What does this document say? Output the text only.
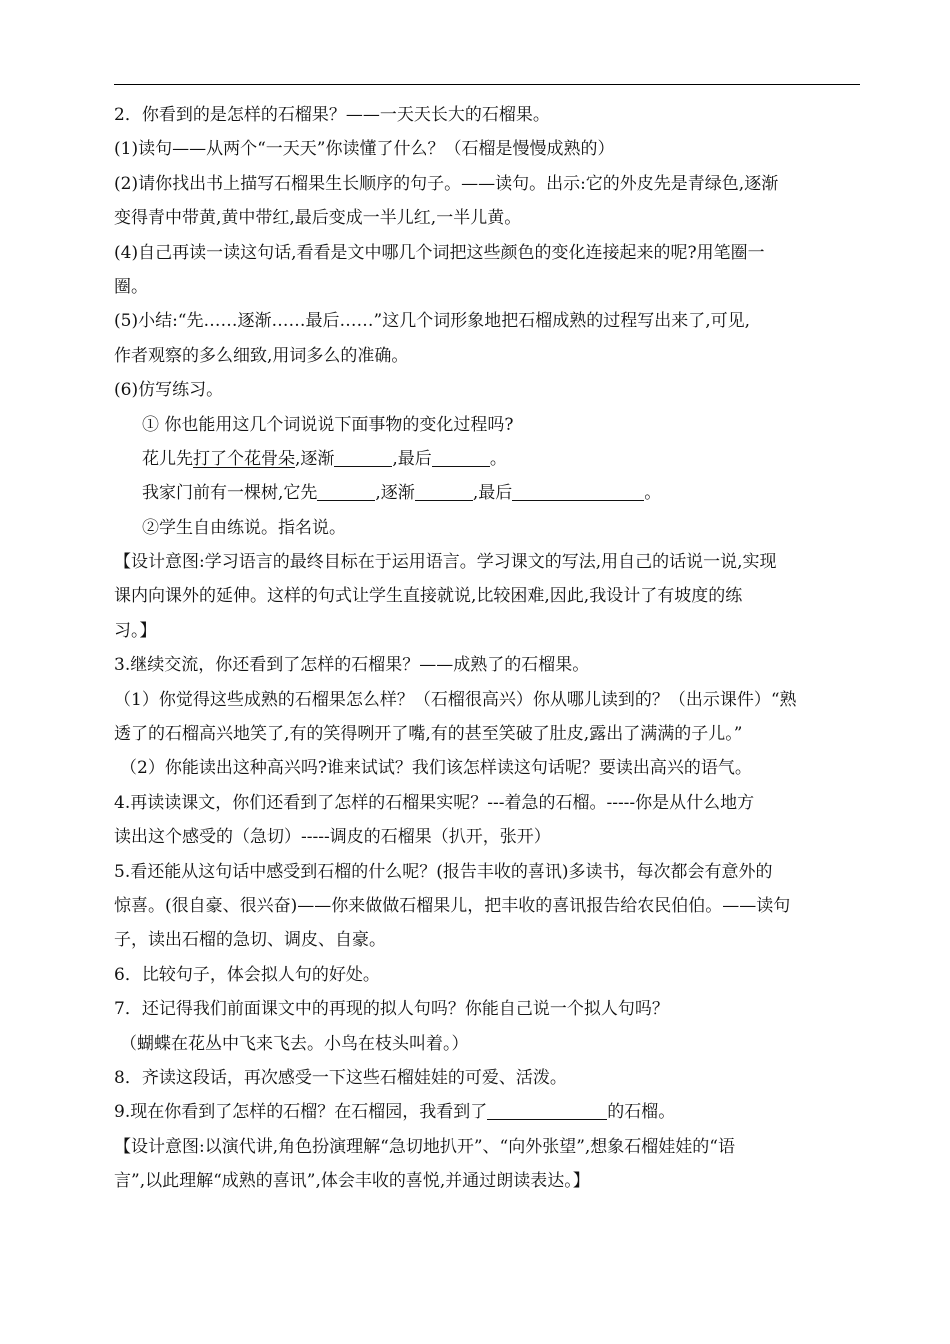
2．你看到的是怎样的石榴果？——一天天长大的石榴果。
(1)读句——从两个“一天天”你读懂了什么？（石榴是慢慢成熟的）
(2)请你找出书上描写石榴果生长顺序的句子。——读句。出示:它的外皮先是青绿色,逐渐
变得青中带黄,黄中带红,最后变成一半儿红,一半儿黄。
(4)自己再读一读这句话,看看是文中哪几个词把这些颜色的变化连接起来的呢?用笔圈一
圈。
(5)小结:“先……逐渐……最后……”这几个词形象地把石榴成熟的过程写出来了,可见,
作者观察的多么细致,用词多么的准确。
(6)仿写练习。
① 你也能用这几个词说说下面事物的变化过程吗?
花儿先打了个花骨朵,逐渐	,最后	。
我家门前有一棵树,它先	,逐渐	,最后	。
②学生自由练说。指名说。
【设计意图:学习语言的最终目标在于运用语言。学习课文的写法,用自己的话说一说,实现
课内向课外的延伸。这样的句式让学生直接就说,比较困难,因此,我设计了有坡度的练
习。】
3.继续交流，你还看到了怎样的石榴果？——成熟了的石榴果。
（1）你觉得这些成熟的石榴果怎么样？（石榴很高兴）你从哪儿读到的？（出示课件）“熟
透了的石榴高兴地笑了,有的笑得咧开了嘴,有的甚至笑破了肚皮,露出了满满的子儿。”
（2）你能读出这种高兴吗?谁来试试？我们该怎样读这句话呢？要读出高兴的语气。
4.再读读课文，你们还看到了怎样的石榴果实呢？---着急的石榴。-----你是从什么地方
读出这个感受的（急切）-----调皮的石榴果（扒开，张开）
5.看还能从这句话中感受到石榴的什么呢？(报告丰收的喜讯)多读书，每次都会有意外的
惊喜。(很自豪、很兴奋)——你来做做石榴果儿，把丰收的喜讯报告给农民伯伯。——读句
子，读出石榴的急切、调皮、自豪。
6．比较句子，体会拟人句的好处。
7．还记得我们前面课文中的再现的拟人句吗？你能自己说一个拟人句吗？
（蝴蝶在花丛中飞来飞去。小鸟在枝头叫着。）
8．齐读这段话，再次感受一下这些石榴娃娃的可爱、活泼。
9.现在你看到了怎样的石榴？在石榴园，我看到了	的石榴。
【设计意图:以演代讲,角色扮演理解“急切地扒开”、“向外张望”,想象石榴娃娃的“语
言”,以此理解“成熟的喜讯”,体会丰收的喜悦,并通过朗读表达。】
